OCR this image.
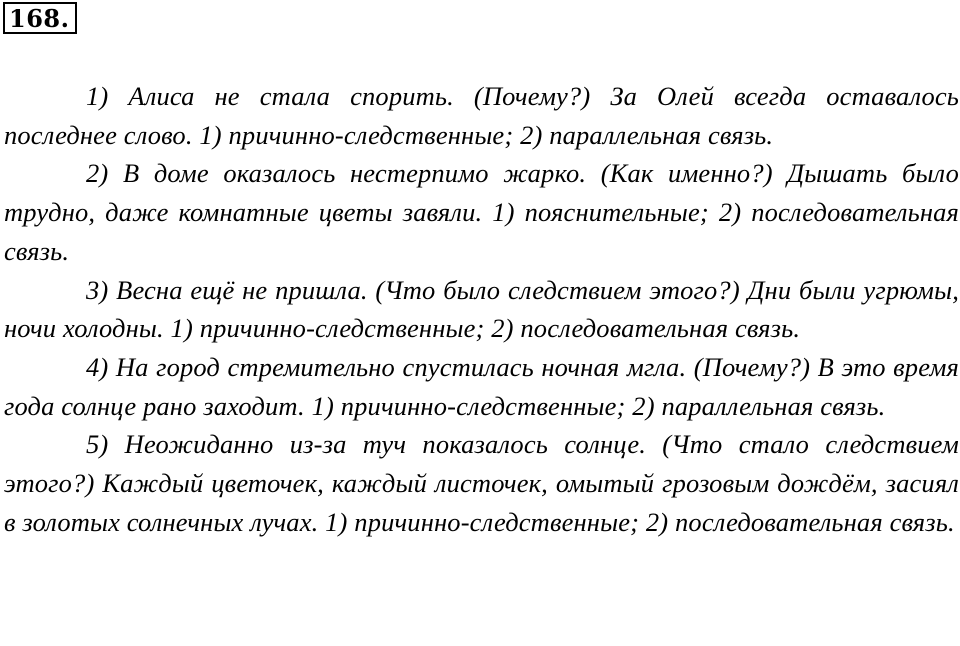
168.

1) Алиса не стала спорить. (Почему?) За Олей всегда оставалось последнее слово. 1) причинно-следственные; 2) параллельная связь.

2) В доме оказалось нестерпимо жарко. (Как именно?) Дышать было трудно, даже комнатные цветы завяли. 1) пояснительные; 2) последовательная связь.

3) Весна ещё не пришла. (Что было следствием этого?) Дни были угрюмы, ночи холодны. 1) причинно-следственные; 2) последовательная связь.

4) На город стремительно спустилась ночная мгла. (Почему?) В это время года солнце рано заходит. 1) причинно-следственные; 2) параллельная связь.

5) Неожиданно из-за туч показалось солнце. (Что стало следствием этого?) Каждый цветочек, каждый листочек, омытый грозовым дождём, засиял в золотых солнечных лучах. 1) причинно-следственные; 2) последовательная связь.
